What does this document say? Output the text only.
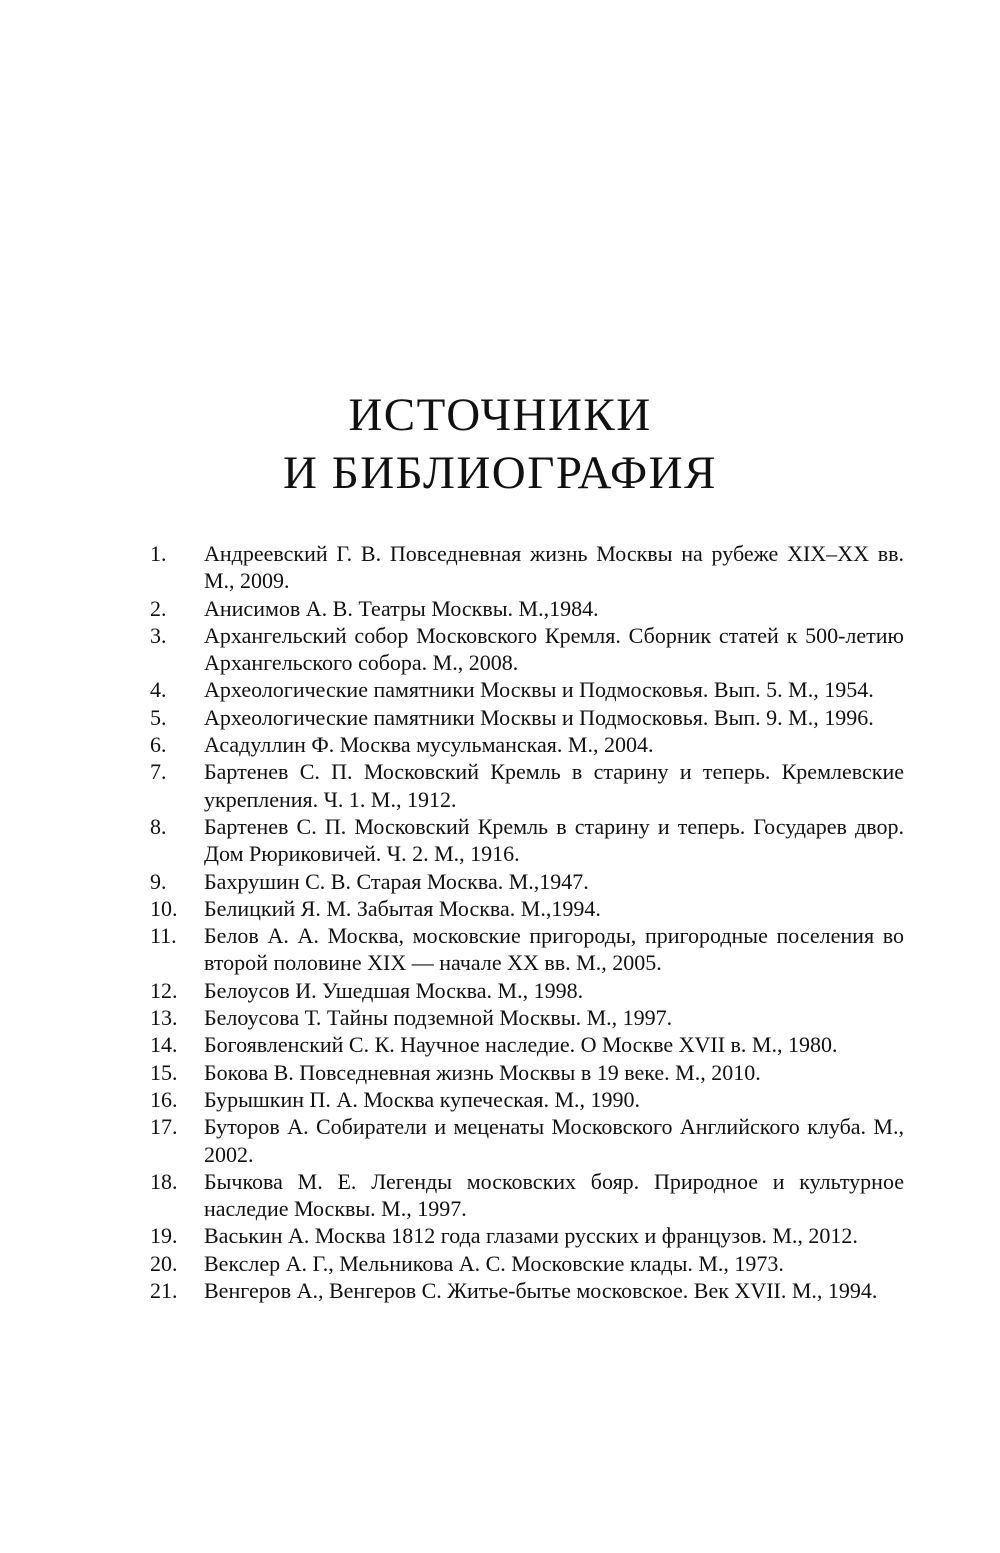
ИСТОЧНИКИ
И БИБЛИОГРАФИЯ
1.	Андреевский Г. В. Повседневная жизнь Москвы на рубеже XIX–XX вв. М., 2009.
2.	Анисимов А. В. Театры Москвы. М.,1984.
3.	Архангельский собор Московского Кремля. Сборник статей к 500-летию Архангельского собора. М., 2008.
4.	Археологические памятники Москвы и Подмосковья. Вып. 5. М., 1954.
5.	Археологические памятники Москвы и Подмосковья. Вып. 9. М., 1996.
6.	Асадуллин Ф. Москва мусульманская. М., 2004.
7.	Бартенев С. П. Московский Кремль в старину и теперь. Кремлевские укрепления. Ч. 1. М., 1912.
8.	Бартенев С. П. Московский Кремль в старину и теперь. Государев двор. Дом Рюриковичей. Ч. 2. М., 1916.
9.	Бахрушин С. В. Старая Москва. М.,1947.
10.	Белицкий Я. М. Забытая Москва. М.,1994.
11.	Белов А. А. Москва, московские пригороды, пригородные поселения во второй половине XIX — начале XX вв. М., 2005.
12.	Белоусов И. Ушедшая Москва. М., 1998.
13.	Белоусова Т. Тайны подземной Москвы. М., 1997.
14.	Богоявленский С. К. Научное наследие. О Москве XVII в. М., 1980.
15.	Бокова В. Повседневная жизнь Москвы в 19 веке. М., 2010.
16.	Бурышкин П. А. Москва купеческая. М., 1990.
17.	Буторов А. Собиратели и меценаты Московского Английского клуба. М., 2002.
18.	Бычкова М. Е. Легенды московских бояр. Природное и культурное наследие Москвы. М., 1997.
19.	Васькин А. Москва 1812 года глазами русских и французов. М., 2012.
20.	Векслер А. Г., Мельникова А. С. Московские клады. М., 1973.
21.	Венгеров А., Венгеров С. Житье-бытье московское. Век XVII. М., 1994.
